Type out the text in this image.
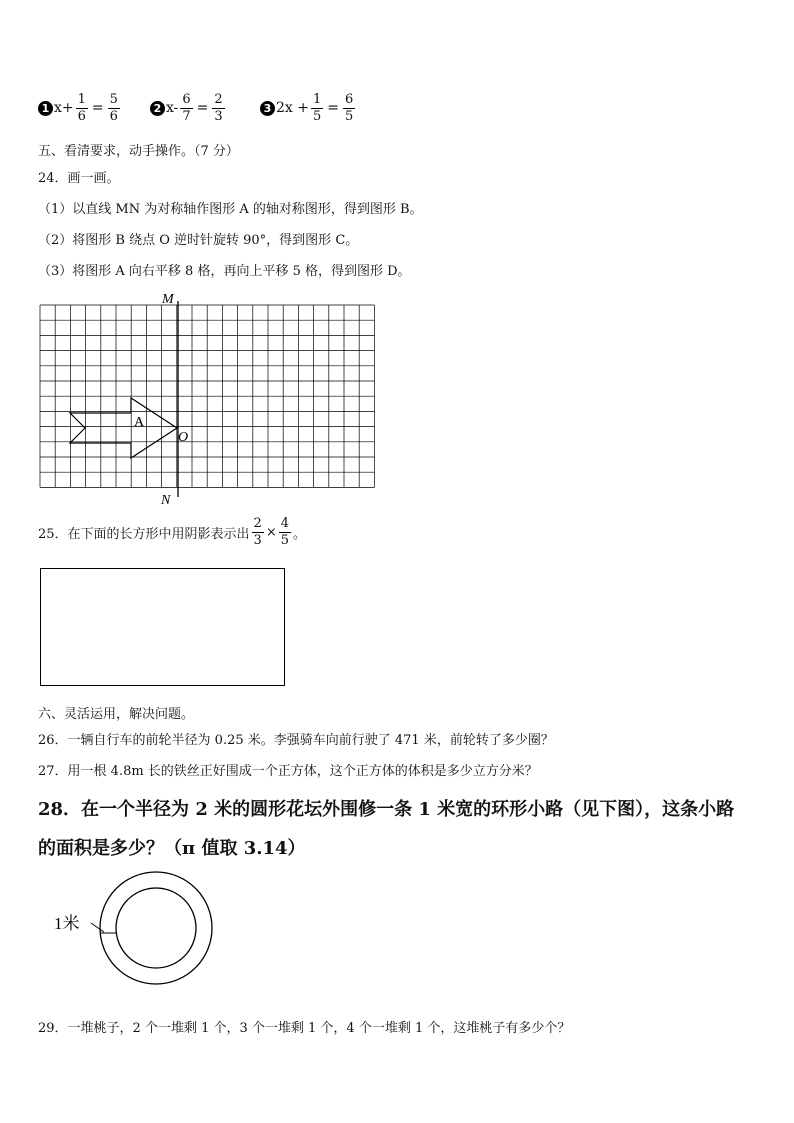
1 $x+ \frac{1}{6} = \frac{5}{6}$	2 $x- \frac{6}{7} = \frac{2}{3}$	3 $2x + \frac{1}{5} = \frac{6}{5}$
五、看清要求，动手操作。（7 分）
24．画一画。
（1）以直线 MN 为对称轴作图形 A 的轴对称图形，得到图形 B。
（2）将图形 B 绕点 O 逆时针旋转 90°，得到图形 C。
（3）将图形 A 向右平移 8 格，再向上平移 5 格，得到图形 D。
M
N
O
A
25．在下面的长方形中用阴影表示出 $\frac{2}{3} \times \frac{4}{5}$ 。
六、灵活运用，解决问题。
26．一辆自行车的前轮半径为 0.25 米。李强骑车向前行驶了 471 米，前轮转了多少圈？
27．用一根 4.8m 长的铁丝正好围成一个正方体，这个正方体的体积是多少立方分米？
28．在一个半径为 2 米的圆形花坛外围修一条 1 米宽的环形小路（见下图），这条小路
的面积是多少？（π 值取 3.14）
1米
29．一堆桃子，2 个一堆剩 1 个，3 个一堆剩 1 个，4 个一堆剩 1 个，这堆桃子有多少个？
